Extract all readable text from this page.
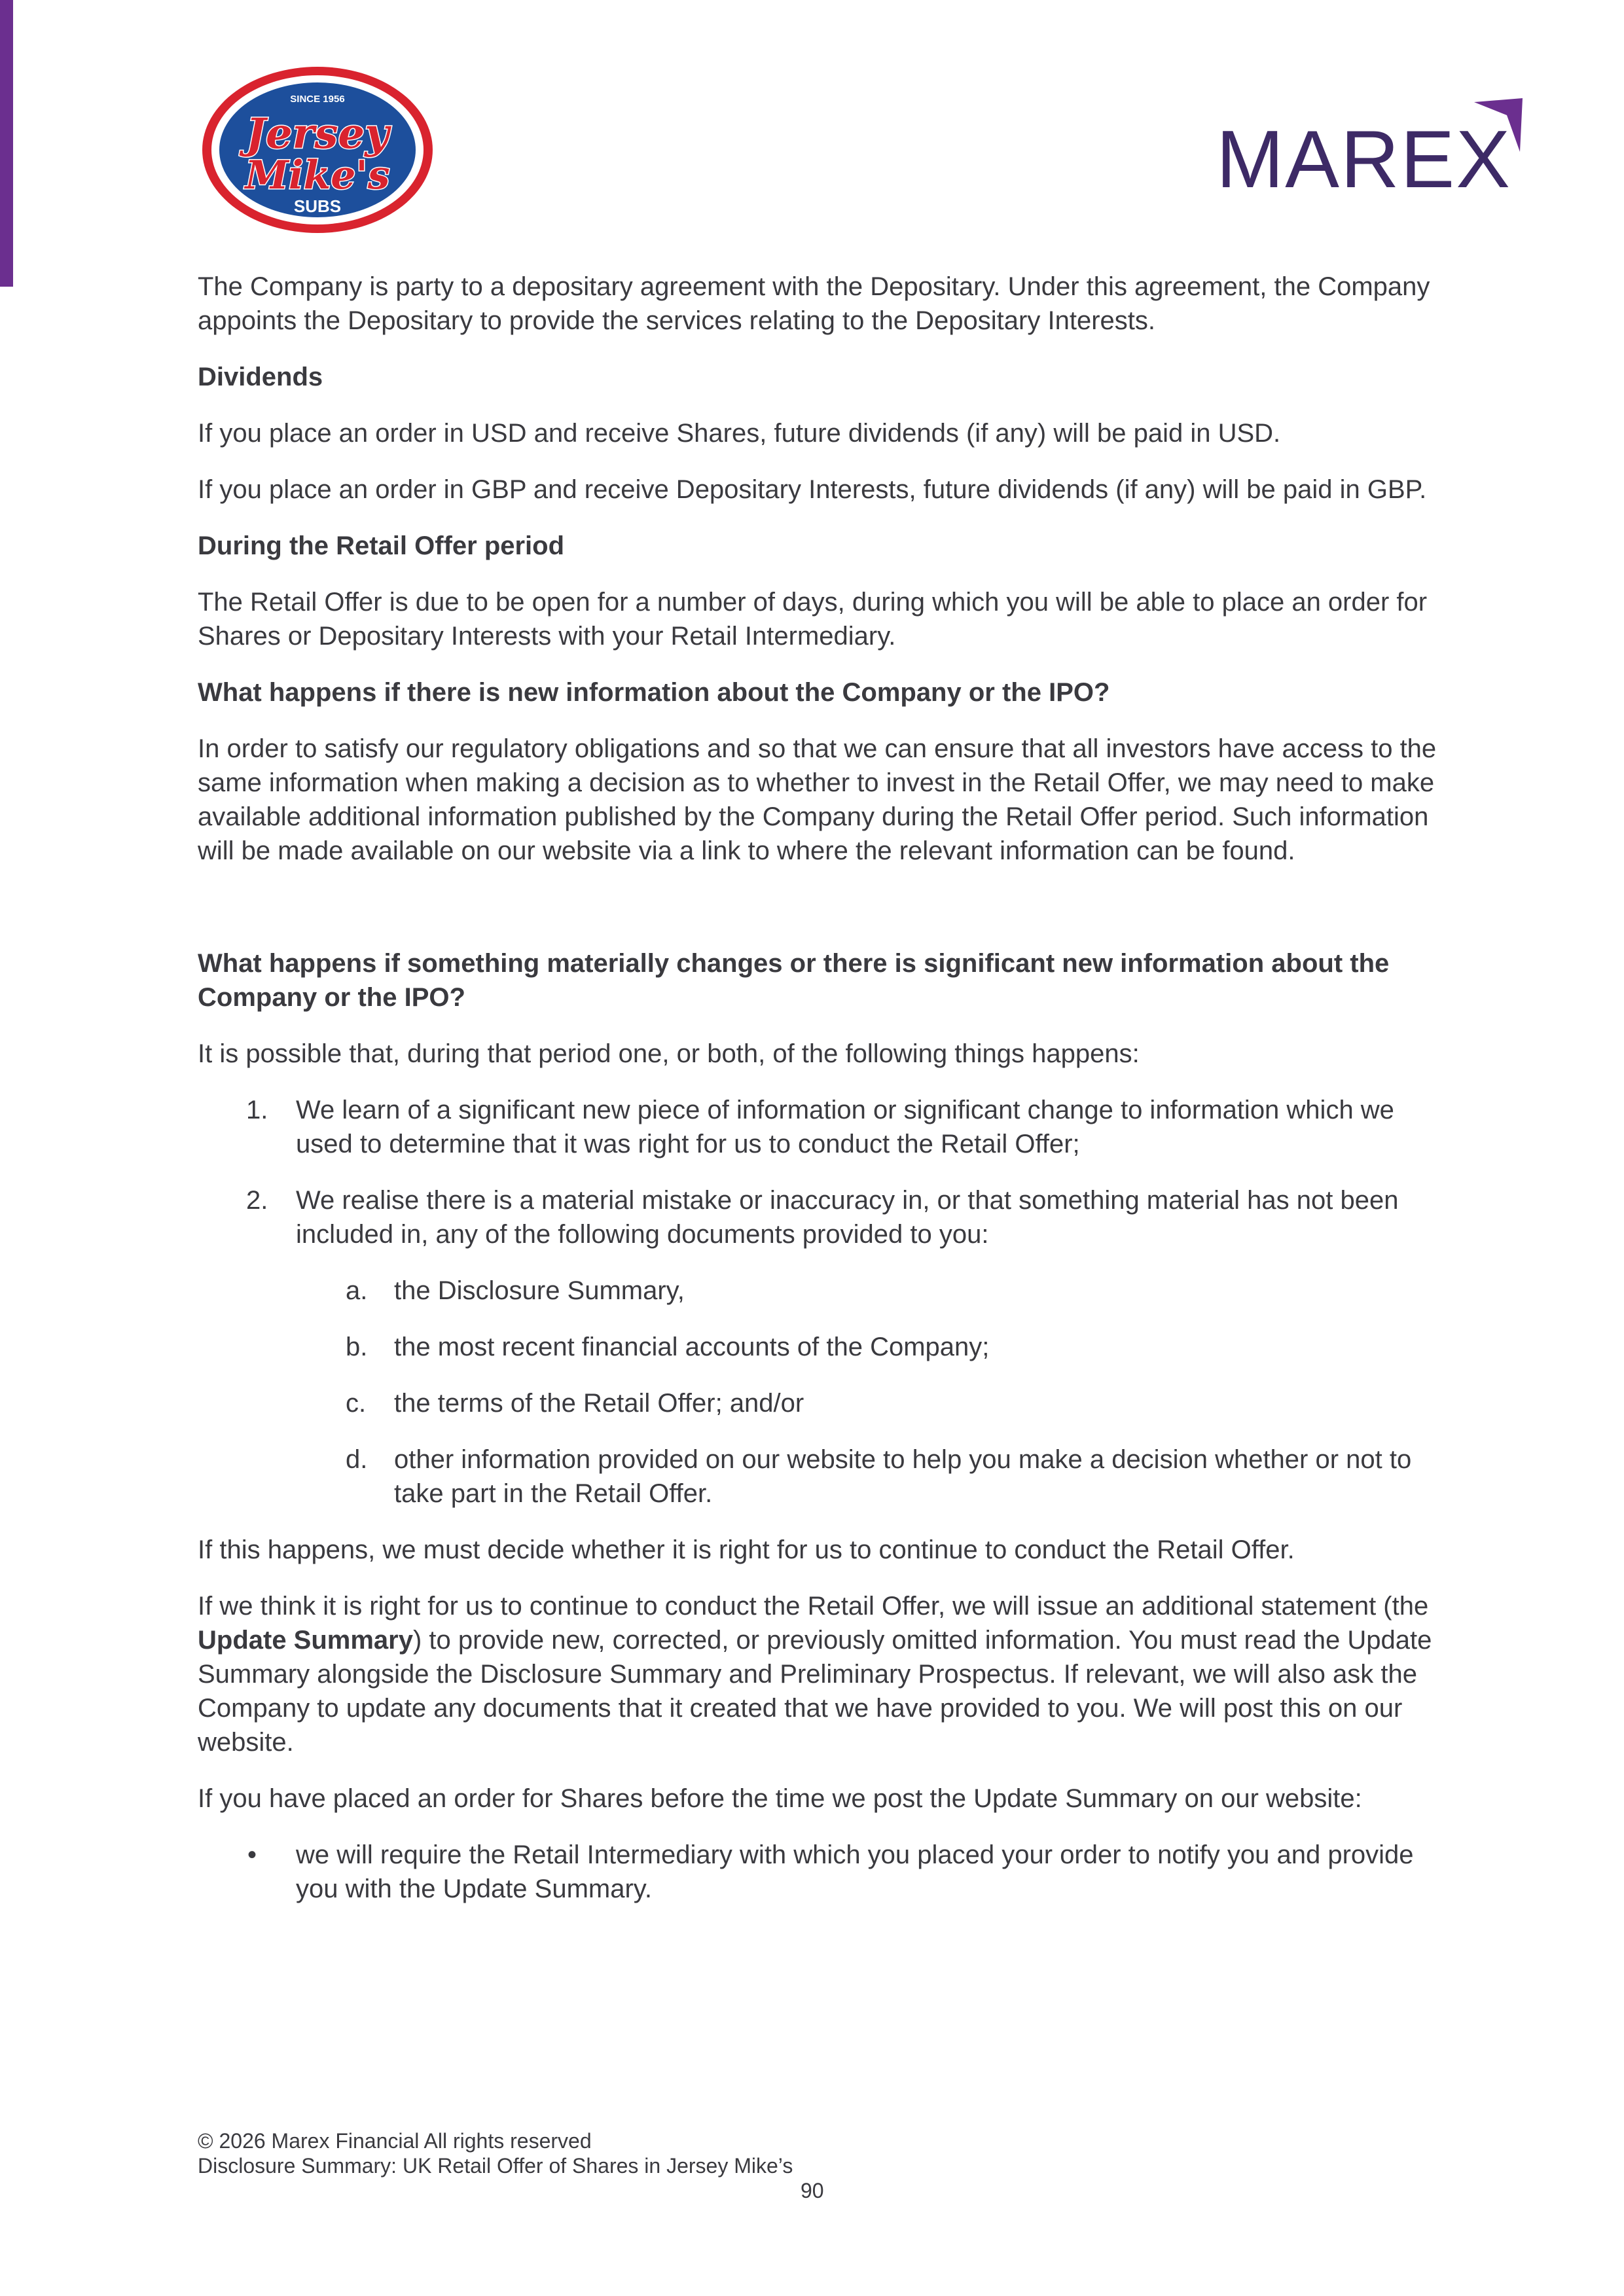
SINCE 1956
Jersey
Mike's
SUBS
MAREX

The Company is party to a depositary agreement with the Depositary. Under this agreement, the Company appoints the Depositary to provide the services relating to the Depositary Interests.

Dividends

If you place an order in USD and receive Shares, future dividends (if any) will be paid in USD.

If you place an order in GBP and receive Depositary Interests, future dividends (if any) will be paid in GBP.

During the Retail Offer period

The Retail Offer is due to be open for a number of days, during which you will be able to place an order for Shares or Depositary Interests with your Retail Intermediary.

What happens if there is new information about the Company or the IPO?

In order to satisfy our regulatory obligations and so that we can ensure that all investors have access to the same information when making a decision as to whether to invest in the Retail Offer, we may need to make available additional information published by the Company during the Retail Offer period. Such information will be made available on our website via a link to where the relevant information can be found.

What happens if something materially changes or there is significant new information about the Company or the IPO?

It is possible that, during that period one, or both, of the following things happens:

1. We learn of a significant new piece of information or significant change to information which we used to determine that it was right for us to conduct the Retail Offer;
2. We realise there is a material mistake or inaccuracy in, or that something material has not been included in, any of the following documents provided to you:
a. the Disclosure Summary,
b. the most recent financial accounts of the Company;
c. the terms of the Retail Offer; and/or
d. other information provided on our website to help you make a decision whether or not to take part in the Retail Offer.

If this happens, we must decide whether it is right for us to continue to conduct the Retail Offer.

If we think it is right for us to continue to conduct the Retail Offer, we will issue an additional statement (the Update Summary) to provide new, corrected, or previously omitted information. You must read the Update Summary alongside the Disclosure Summary and Preliminary Prospectus. If relevant, we will also ask the Company to update any documents that it created that we have provided to you. We will post this on our website.

If you have placed an order for Shares before the time we post the Update Summary on our website:

• we will require the Retail Intermediary with which you placed your order to notify you and provide you with the Update Summary.
© 2026 Marex Financial All rights reserved
Disclosure Summary: UK Retail Offer of Shares in Jersey Mike’s
90
